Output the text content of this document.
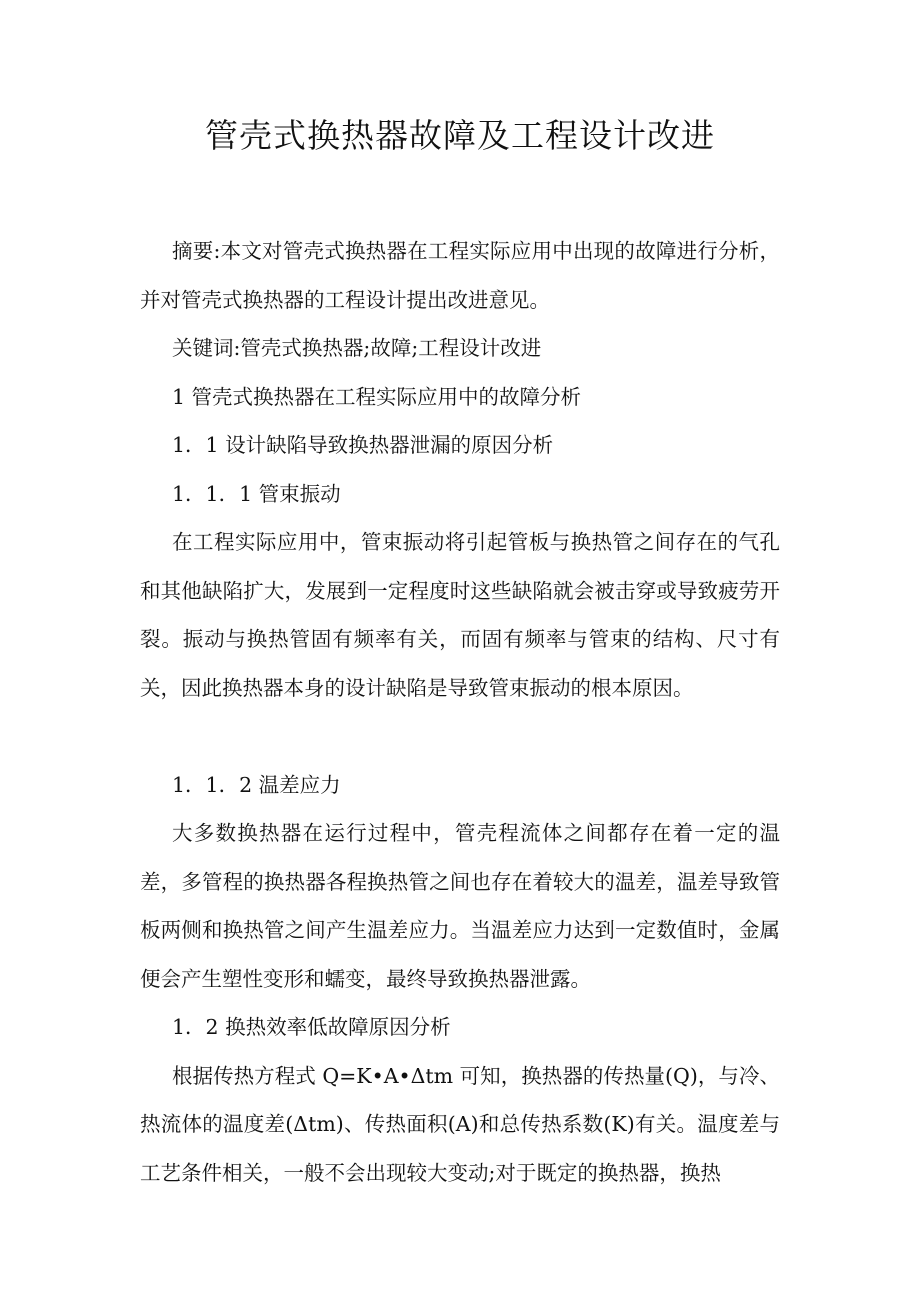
管壳式换热器故障及工程设计改进

摘要:本文对管壳式换热器在工程实际应用中出现的故障进行分析，并对管壳式换热器的工程设计提出改进意见。

关键词:管壳式换热器;故障;工程设计改进

1 管壳式换热器在工程实际应用中的故障分析

1．1 设计缺陷导致换热器泄漏的原因分析

1．1．1 管束振动

在工程实际应用中，管束振动将引起管板与换热管之间存在的气孔和其他缺陷扩大，发展到一定程度时这些缺陷就会被击穿或导致疲劳开裂。振动与换热管固有频率有关，而固有频率与管束的结构、尺寸有关，因此换热器本身的设计缺陷是导致管束振动的根本原因。

1．1．2 温差应力

大多数换热器在运行过程中，管壳程流体之间都存在着一定的温差，多管程的换热器各程换热管之间也存在着较大的温差，温差导致管板两侧和换热管之间产生温差应力。当温差应力达到一定数值时，金属便会产生塑性变形和蠕变，最终导致换热器泄露。

1．2 换热效率低故障原因分析

根据传热方程式 Q=K•A•Δtm 可知，换热器的传热量(Q)，与冷、热流体的温度差(Δtm)、传热面积(A)和总传热系数(K)有关。温度差与工艺条件相关，一般不会出现较大变动;对于既定的换热器，换热
